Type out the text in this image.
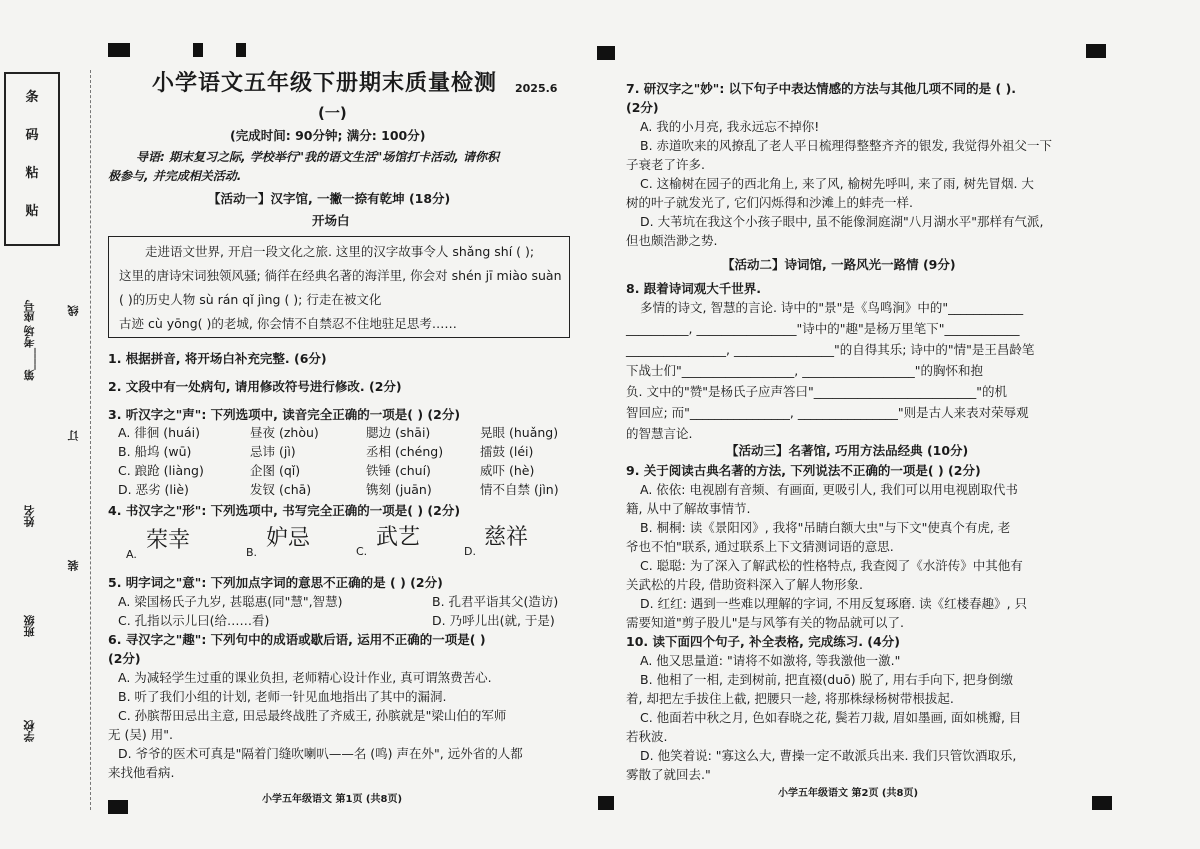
条
码
粘
贴
第____考场 座号
姓名
班级
学校
线
订
装
小学语文五年级下册期末质量检测 2025.6
(一)
(完成时间: 90分钟; 满分: 100分)
导语: 期末复习之际, 学校举行"我的语文生活"场馆打卡活动, 请你积
极参与, 并完成相关活动.
【活动一】汉字馆, 一撇一捺有乾坤 (18分)
开场白
走进语文世界, 开启一段文化之旅. 这里的汉字故事令人 shǎng shí ( );
这里的唐诗宋词独领风骚; 徜徉在经典名著的海洋里, 你会对 shén jī miào suàn
( )的历史人物 sù rán qǐ jìng ( ); 行走在被文化
古迹 cù yōng( )的老城, 你会情不自禁忍不住地驻足思考……
1. 根据拼音, 将开场白补充完整. (6分)
2. 文段中有一处病句, 请用修改符号进行修改. (2分)
3. 听汉字之"声": 下列选项中, 读音完全正确的一项是( ) (2分)
A. 徘徊 (huái)	昼夜 (zhòu)	腮边 (shāi)	晃眼 (huǎng)
B. 船坞 (wū)	忌讳 (jì)	丞相 (chéng)	擂鼓 (léi)
C. 踉跄 (liàng)	企图 (qǐ)	铁锤 (chuí)	威吓 (hè)
D. 恶劣 (liè)	发钗 (chā)	镌刻 (juān)	情不自禁 (jìn)
4. 书汉字之"形": 下列选项中, 书写完全正确的一项是( ) (2分)
A.
荣幸	B.
妒忌
C.
武艺
D.
慈祥
5. 明字词之"意": 下列加点字词的意思不正确的是 ( ) (2分)
A. 梁国杨氏子九岁, 甚聪惠(同"慧",智慧)	B. 孔君平诣其父(造访)
C. 孔指以示儿曰(给……看)	D. 乃呼儿出(就, 于是)
6. 寻汉字之"趣": 下列句中的成语或歇后语, 运用不正确的一项是( )
(2分)
A. 为减轻学生过重的课业负担, 老师精心设计作业, 真可谓煞费苦心.
B. 听了我们小组的计划, 老师一针见血地指出了其中的漏洞.
C. 孙膑帮田忌出主意, 田忌最终战胜了齐威王, 孙膑就是"梁山伯的军师
无 (吴) 用".
D. 爷爷的医术可真是"隔着门缝吹喇叭——名 (鸣) 声在外", 远外省的人都
来找他看病.
小学五年级语文 第1页 (共8页)
7. 研汉字之"妙": 以下句子中表达情感的方法与其他几项不同的是 ( ).
(2分)
A. 我的小月亮, 我永远忘不掉你!
B. 赤道吹来的风撩乱了老人平日梳理得整整齐齐的银发, 我觉得外祖父一下
子衰老了许多.
C. 这榆树在园子的西北角上, 来了风, 榆树先呼叫, 来了雨, 树先冒烟. 大
树的叶子就发光了, 它们闪烁得和沙滩上的蚌壳一样.
D. 大苇坑在我这个小孩子眼中, 虽不能像洞庭湖"八月湖水平"那样有气派,
但也颇浩渺之势.
【活动二】诗词馆, 一路风光一路情 (9分)
8. 跟着诗词观大千世界.
多情的诗文, 智慧的言论. 诗中的"景"是《鸟鸣涧》中的"____________
__________, ________________"诗中的"趣"是杨万里笔下"____________
________________, ________________"的自得其乐; 诗中的"情"是王昌龄笔
下战士们"__________________, __________________"的胸怀和抱
负. 文中的"赞"是杨氏子应声答曰"__________________________"的机
智回应; 而"________________, ________________"则是古人来表对荣辱观
的智慧言论.
【活动三】名著馆, 巧用方法品经典 (10分)
9. 关于阅读古典名著的方法, 下列说法不正确的一项是( ) (2分)
A. 依依: 电视剧有音频、有画面, 更吸引人, 我们可以用电视剧取代书
籍, 从中了解故事情节.
B. 桐桐: 读《景阳冈》, 我将"吊睛白额大虫"与下文"使真个有虎, 老
爷也不怕"联系, 通过联系上下文猜测词语的意思.
C. 聪聪: 为了深入了解武松的性格特点, 我查阅了《水浒传》中其他有
关武松的片段, 借助资料深入了解人物形象.
D. 红红: 遇到一些难以理解的字词, 不用反复琢磨. 读《红楼春趣》, 只
需要知道"剪子股儿"是与风筝有关的物品就可以了.
10. 读下面四个句子, 补全表格, 完成练习. (4分)
A. 他又思量道: "请将不如激将, 等我激他一激."
B. 他相了一相, 走到树前, 把直裰(duō) 脱了, 用右手向下, 把身倒缴
着, 却把左手拔住上截, 把腰只一趁, 将那株绿杨树带根拔起.
C. 他面若中秋之月, 色如春晓之花, 鬓若刀裁, 眉如墨画, 面如桃瓣, 目
若秋波.
D. 他笑着说: "寡这么大, 曹操一定不敢派兵出来. 我们只管饮酒取乐,
雾散了就回去."
小学五年级语文 第2页 (共8页)
